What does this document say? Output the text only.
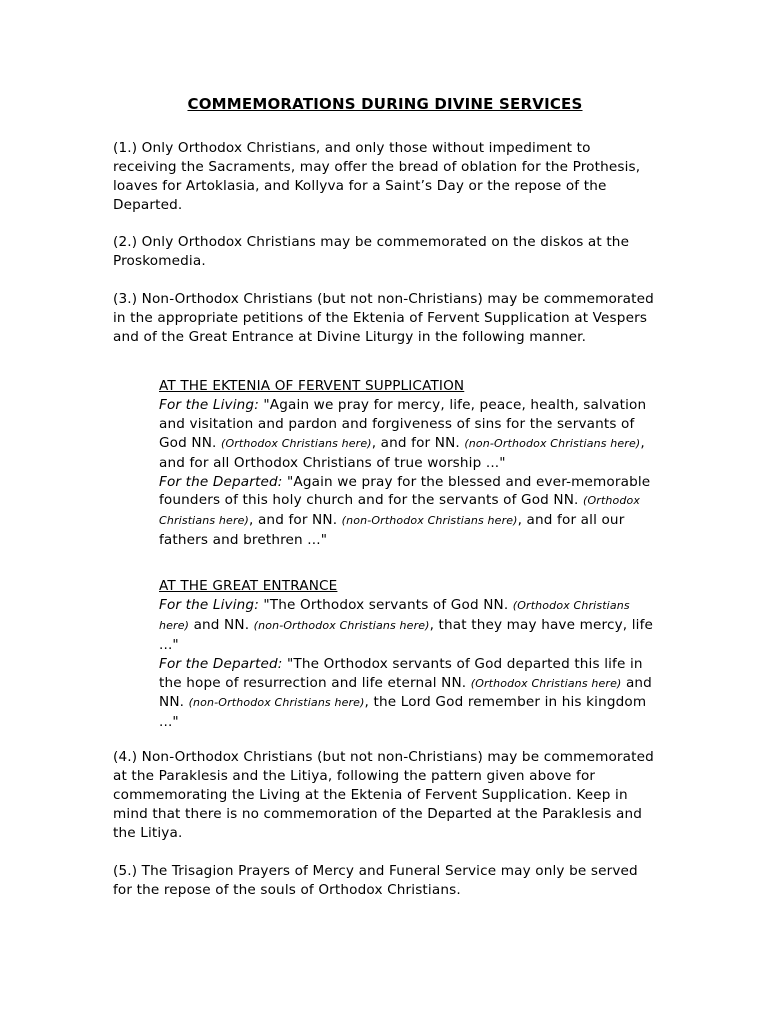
COMMEMORATIONS DURING DIVINE SERVICES

(1.) Only Orthodox Christians, and only those without impediment to receiving the Sacraments, may offer the bread of oblation for the Prothesis, loaves for Artoklasia, and Kollyva for a Saint’s Day or the repose of the Departed.

(2.) Only Orthodox Christians may be commemorated on the diskos at the Proskomedia.

(3.) Non-Orthodox Christians (but not non-Christians) may be commemorated in the appropriate petitions of the Ektenia of Fervent Supplication at Vespers and of the Great Entrance at Divine Liturgy in the following manner.

AT THE EKTENIA OF FERVENT SUPPLICATION
For the Living: "Again we pray for mercy, life, peace, health, salvation and visitation and pardon and forgiveness of sins for the servants of God NN. (Orthodox Christians here), and for NN. (non-Orthodox Christians here), and for all Orthodox Christians of true worship ..."
For the Departed: "Again we pray for the blessed and ever-memorable founders of this holy church and for the servants of God NN. (Orthodox Christians here), and for NN. (non-Orthodox Christians here), and for all our fathers and brethren ..."
AT THE GREAT ENTRANCE
For the Living: "The Orthodox servants of God NN. (Orthodox Christians here) and NN. (non-Orthodox Christians here), that they may have mercy, life ..."
For the Departed: "The Orthodox servants of God departed this life in the hope of resurrection and life eternal NN. (Orthodox Christians here) and NN. (non-Orthodox Christians here), the Lord God remember in his kingdom ..."

(4.) Non-Orthodox Christians (but not non-Christians) may be commemorated at the Paraklesis and the Litiya, following the pattern given above for commemorating the Living at the Ektenia of Fervent Supplication. Keep in mind that there is no commemoration of the Departed at the Paraklesis and the Litiya.

(5.) The Trisagion Prayers of Mercy and Funeral Service may only be served for the repose of the souls of Orthodox Christians.
